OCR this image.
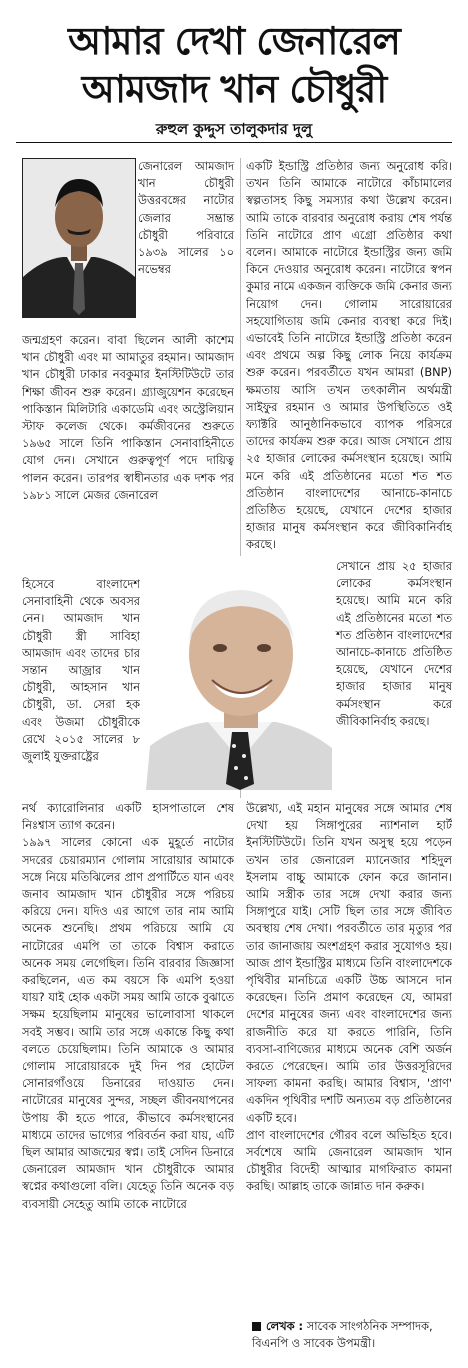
আমার দেখা জেনারেল
আমজাদ খান চৌধুরী
রুহুল কুদ্দুস তালুকদার দুলু

জেনারেল আমজাদ খান চৌধুরী উত্তরবঙ্গের নাটোর জেলার সম্ভ্রান্ত চৌধুরী পরিবারে ১৯৩৯ সালের ১০ নভেম্বর

জন্মগ্রহণ করেন। বাবা ছিলেন আলী কাশেম খান চৌধুরী এবং মা আমাতুর রহমান। আমজাদ খান চৌধুরী ঢাকার নবকুমার ইনস্টিটিউটে তার শিক্ষা জীবন শুরু করেন। গ্র্যাজুয়েশন করেছেন পাকিস্তান মিলিটারি একাডেমি এবং অস্ট্রেলিয়ান স্টাফ কলেজ থেকে। কর্মজীবনের শুরুতে ১৯৬৫ সালে তিনি পাকিস্তান সেনাবাহিনীতে যোগ দেন। সেখানে গুরুত্বপূর্ণ পদে দায়িত্ব পালন করেন। তারপর স্বাধীনতার এক দশক পর ১৯৮১ সালে মেজর জেনারেল

হিসেবে বাংলাদেশ সেনাবাহিনী থেকে অবসর নেন। আমজাদ খান চৌধুরী স্ত্রী সাবিহা আমজাদ এবং তাদের চার সন্তান আজ্রার খান চৌধুরী, আহসান খান চৌধুরী, ডা. সেরা হক এবং উজমা চৌধুরীকে রেখে ২০১৫ সালের ৮ জুলাই যুক্তরাষ্ট্রের

নর্থ ক্যারোলিনার একটি হাসপাতালে শেষ নিঃশ্বাস ত্যাগ করেন।

১৯৯৭ সালের কোনো এক মুহূর্তে নাটোর সদরের চেয়ারম্যান গোলাম সারোয়ার আমাকে সঙ্গে নিয়ে মতিঝিলের প্রাণ প্রপার্টিতে যান এবং জনাব আমজাদ খান চৌধুরীর সঙ্গে পরিচয় করিয়ে দেন। যদিও এর আগে তার নাম আমি অনেক শুনেছি। প্রথম পরিচয়ে আমি যে নাটোরের এমপি তা তাকে বিশ্বাস করাতে অনেক সময় লেগেছিল। তিনি বারবার জিজ্ঞাসা করছিলেন, এত কম বয়সে কি এমপি হওয়া যায়? যাই হোক একটা সময় আমি তাকে বুঝাতে সক্ষম হয়েছিলাম মানুষের ভালোবাসা থাকলে সবই সম্ভব। আমি তার সঙ্গে একান্তে কিছু কথা বলতে চেয়েছিলাম। তিনি আমাকে ও আমার গোলাম সারোয়ারকে দুই দিন পর হোটেল সোনারগাঁওয়ে ডিনারের দাওয়াত দেন। নাটোরের মানুষের সুন্দর, সচ্ছল জীবনযাপনের উপায় কী হতে পারে, কীভাবে কর্মসংস্থানের মাধ্যমে তাদের ভাগ্যের পরিবর্তন করা যায়, এটি ছিল আমার আজন্মের স্বপ্ন। তাই সেদিন ডিনারে জেনারেল আমজাদ খান চৌধুরীকে আমার স্বপ্নের কথাগুলো বলি। যেহেতু তিনি অনেক বড় ব্যবসায়ী সেহেতু আমি তাকে নাটোরে

একটি ইন্ডাস্ট্রি প্রতিষ্ঠার জন্য অনুরোধ করি। তখন তিনি আমাকে নাটোরে কাঁচামালের স্বল্পতাসহ কিছু সমস্যার কথা উল্লেখ করেন। আমি তাকে বারবার অনুরোধ করায় শেষ পর্যন্ত তিনি নাটোরে প্রাণ এগ্রো প্রতিষ্ঠার কথা বলেন। আমাকে নাটোরে ইন্ডাস্ট্রির জন্য জমি কিনে দেওয়ার অনুরোধ করেন। নাটোরে স্বপন কুমার নামে একজন ব্যক্তিকে জমি কেনার জন্য নিয়োগ দেন। গোলাম সারোয়ারের সহযোগিতায় জমি কেনার ব্যবস্থা করে দিই। এভাবেই তিনি নাটোরে ইন্ডাস্ট্রি প্রতিষ্ঠা করেন এবং প্রথমে অল্প কিছু লোক নিয়ে কার্যক্রম শুরু করেন। পরবর্তীতে যখন আমরা (BNP) ক্ষমতায় আসি তখন তৎকালীন অর্থমন্ত্রী সাইফুর রহমান ও আমার উপস্থিতিতে ওই ফ্যাক্টরি আনুষ্ঠানিকভাবে ব্যাপক পরিসরে তাদের কার্যক্রম শুরু করে। আজ সেখানে প্রায় ২৫ হাজার লোকের কর্মসংস্থান হয়েছে। আমি মনে করি এই প্রতিষ্ঠানের মতো শত শত প্রতিষ্ঠান বাংলাদেশের আনাচে-কানাচে প্রতিষ্ঠিত হয়েছে, যেখানে দেশের হাজার হাজার মানুষ কর্মসংস্থান করে জীবিকানির্বাহ করছে।

সেখানে প্রায় ২৫ হাজার লোকের কর্মসংস্থান হয়েছে। আমি মনে করি এই প্রতিষ্ঠানের মতো শত শত প্রতিষ্ঠান বাংলাদেশের আনাচে-কানাচে প্রতিষ্ঠিত হয়েছে, যেখানে দেশের হাজার হাজার মানুষ কর্মসংস্থান করে জীবিকানির্বাহ করছে।

উল্লেখ্য, এই মহান মানুষের সঙ্গে আমার শেষ দেখা হয় সিঙ্গাপুরের ন্যাশনাল হার্ট ইনস্টিটিউটে। তিনি যখন অসুস্থ হয়ে পড়েন তখন তার জেনারেল ম্যানেজার শহিদুল ইসলাম বাচ্চু আমাকে ফোন করে জানান। আমি সস্ত্রীক তার সঙ্গে দেখা করার জন্য সিঙ্গাপুরে যাই। সেটি ছিল তার সঙ্গে জীবিত অবস্থায় শেষ দেখা। পরবর্তীতে তার মৃত্যুর পর তার জানাজায় অংশগ্রহণ করার সুযোগও হয়। আজ প্রাণ ইন্ডাস্ট্রির মাধ্যমে তিনি বাংলাদেশকে পৃথিবীর মানচিত্রে একটি উচ্চ আসনে দান করেছেন। তিনি প্রমাণ করেছেন যে, আমরা দেশের মানুষের জন্য এবং বাংলাদেশের জন্য রাজনীতি করে যা করতে পারিনি, তিনি ব্যবসা-বাণিজ্যের মাধ্যমে অনেক বেশি অর্জন করতে পেরেছেন। আমি তার উত্তরসূরিদের সাফল্য কামনা করছি। আমার বিশ্বাস, 'প্রাণ' একদিন পৃথিবীর দশটি অন্যতম বড় প্রতিষ্ঠানের একটি হবে।

প্রাণ বাংলাদেশের গৌরব বলে অভিহিত হবে। সর্বশেষে আমি জেনারেল আমজাদ খান চৌধুরীর বিদেহী আত্মার মাগফিরাত কামনা করছি। আল্লাহ তাকে জান্নাত দান করুক।

লেখক : সাবেক সাংগঠনিক সম্পাদক, বিএনপি ও সাবেক উপমন্ত্রী।
